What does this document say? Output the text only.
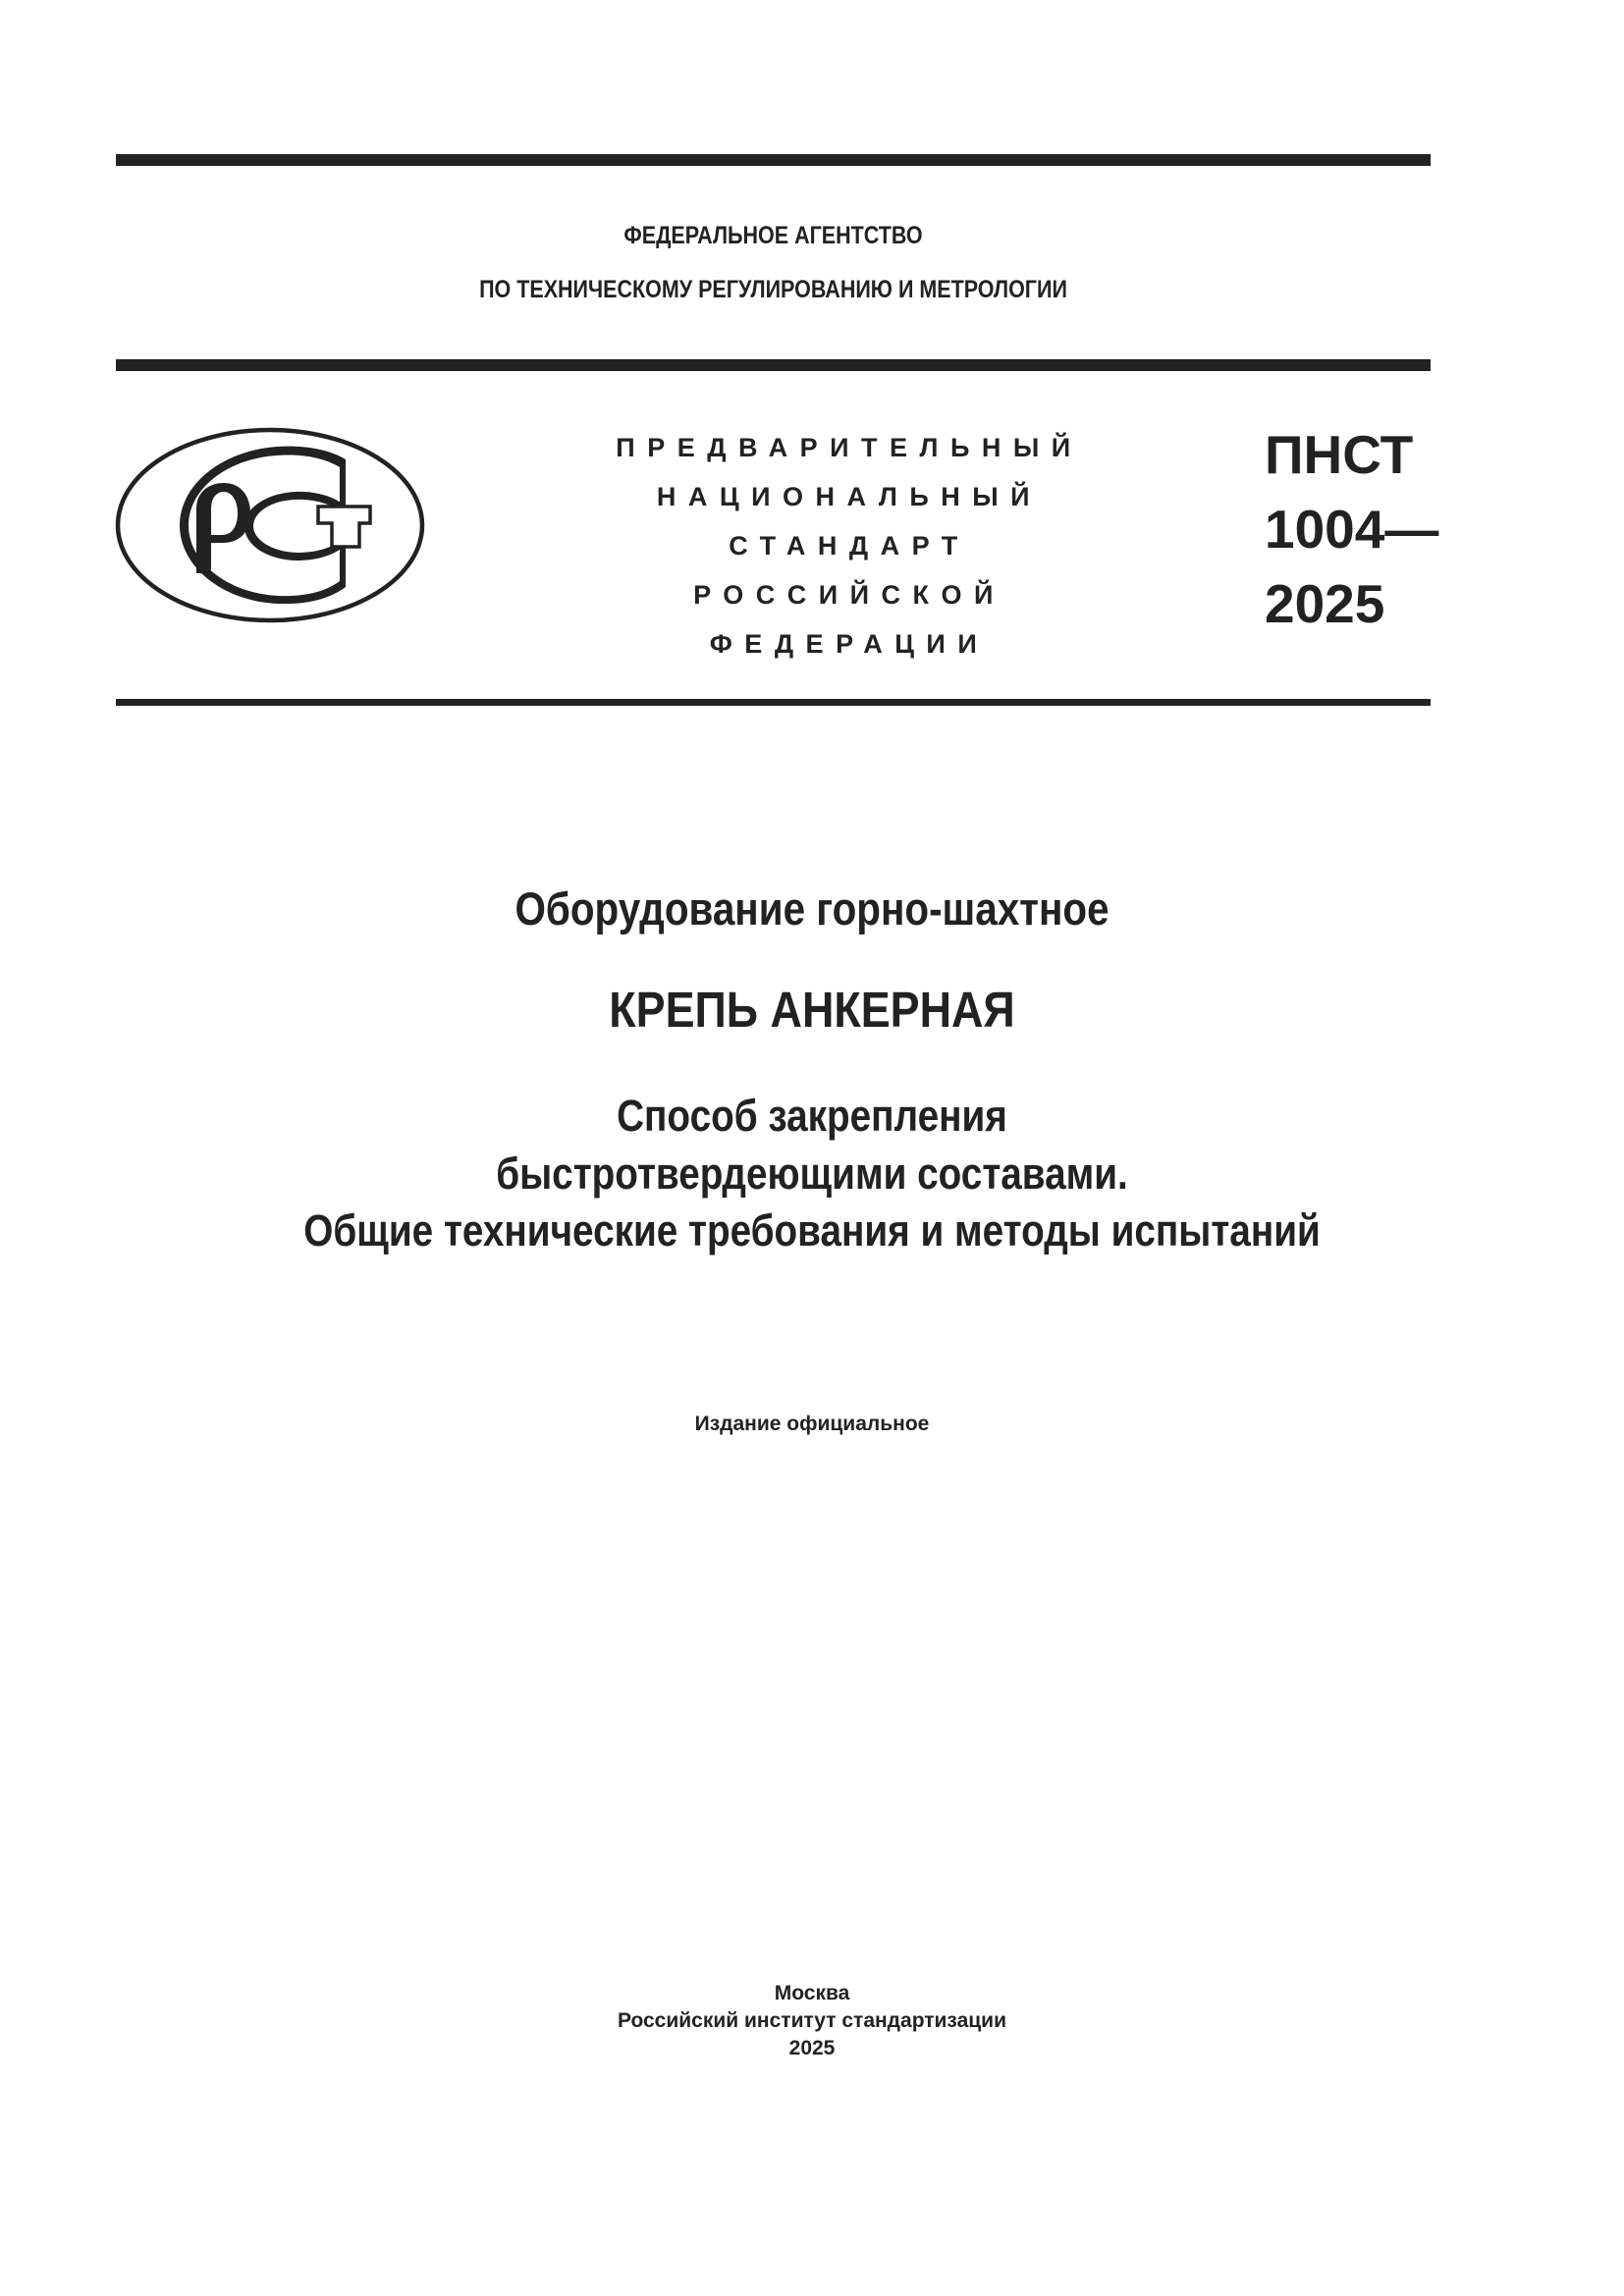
ФЕДЕРАЛЬНОЕ АГЕНТСТВО
ПО ТЕХНИЧЕСКОМУ РЕГУЛИРОВАНИЮ И МЕТРОЛОГИИ
ПРЕДВАРИТЕЛЬНЫЙ
НАЦИОНАЛЬНЫЙ
СТАНДАРТ
РОССИЙСКОЙ
ФЕДЕРАЦИИ
ПНСТ
1004—
2025
Оборудование горно-шахтное
КРЕПЬ АНКЕРНАЯ
Способ закрепления
быстротвердеющими составами.
Общие технические требования и методы испытаний
Издание официальное
Москва
Российский институт стандартизации
2025
